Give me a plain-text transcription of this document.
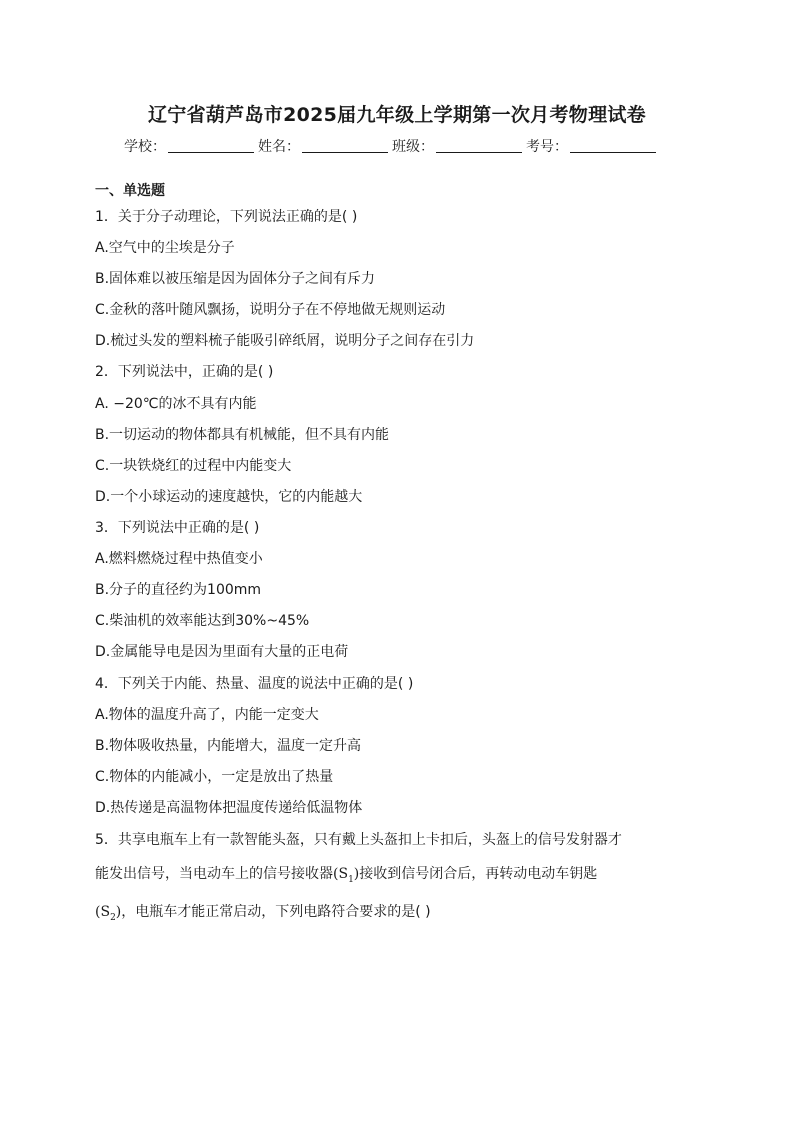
辽宁省葫芦岛市2025届九年级上学期第一次月考物理试卷
学校：	姓名：	班级：	考号：
一、单选题
1．关于分子动理论，下列说法正确的是( )
A.空气中的尘埃是分子
B.固体难以被压缩是因为固体分子之间有斥力
C.金秋的落叶随风飘扬，说明分子在不停地做无规则运动
D.梳过头发的塑料梳子能吸引碎纸屑，说明分子之间存在引力
2．下列说法中，正确的是( )
A. −20℃的冰不具有内能
B.一切运动的物体都具有机械能，但不具有内能
C.一块铁烧红的过程中内能变大
D.一个小球运动的速度越快，它的内能越大
3．下列说法中正确的是( )
A.燃料燃烧过程中热值变小
B.分子的直径约为100mm
C.柴油机的效率能达到30%~45%
D.金属能导电是因为里面有大量的正电荷
4．下列关于内能、热量、温度的说法中正确的是( )
A.物体的温度升高了，内能一定变大
B.物体吸收热量，内能增大，温度一定升高
C.物体的内能减小，一定是放出了热量
D.热传递是高温物体把温度传递给低温物体
5．共享电瓶车上有一款智能头盔，只有戴上头盔扣上卡扣后，头盔上的信号发射器才
能发出信号，当电动车上的信号接收器$(S_1)$接收到信号闭合后，再转动电动车钥匙
$(S_2)$，电瓶车才能正常启动，下列电路符合要求的是( )
